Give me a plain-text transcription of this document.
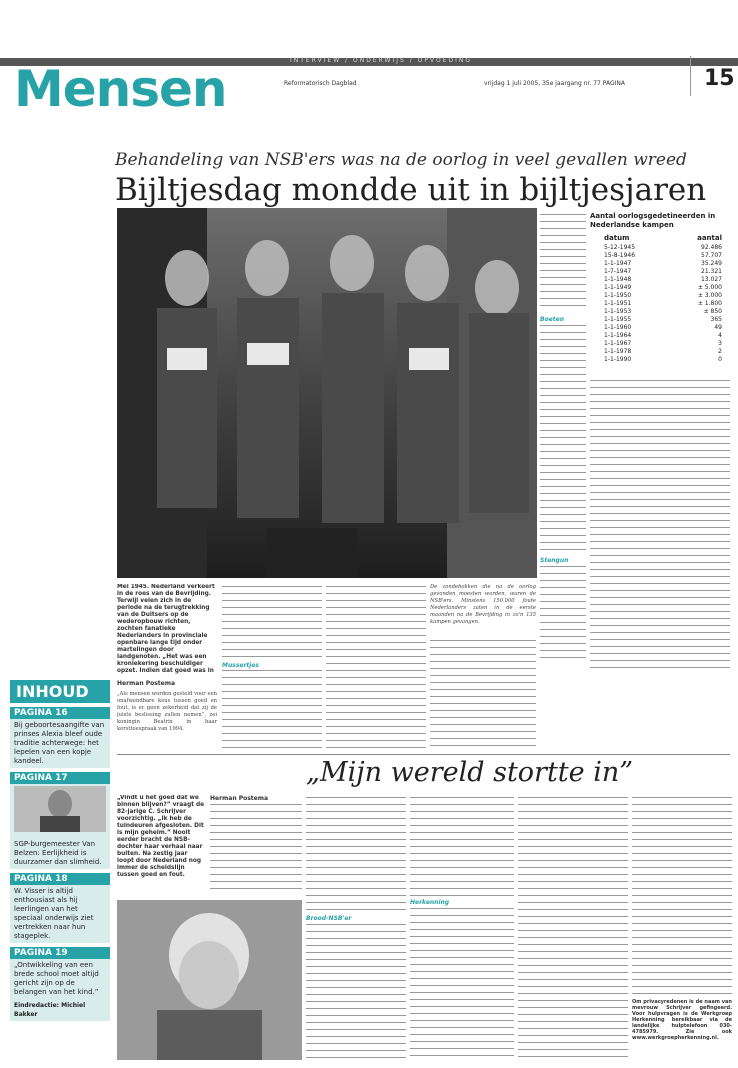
INTERVIEW / ONDERWIJS / OPVOEDING
Mensen	Reformatorisch Dagblad	vrijdag 1 juli 2005, 35e jaargang nr. 77 PAGINA	15
Behandeling van NSB'ers was na de oorlog in veel gevallen wreed
Bijltjesdag mondde uit in bijltjesjaren
Aantal oorlogsgedetineerden in Nederlandse kampen
datum	aantal
5-12-1945	92.486
15-8-1946	57.707
1-1-1947	35.249
1-7-1947	21.321
1-1-1948	13.027
1-1-1949	± 5.000
1-1-1950	± 3.000
1-1-1951	± 1.800
1-1-1953	± 850
1-1-1955	365
1-1-1960	49
1-1-1964	4
1-1-1967	3
1-1-1978	2
1-1-1990	0
Boeten
Stengun
Mei 1945. Nederland verkeert in de roes van de Bevrijding. Terwijl velen zich in de periode na de terugtrekking van de Duitsers op de wederopbouw richten, zochten fanatieke Nederlanders in provinciale openbare lange tijd onder martelingen door landgenoten. „Het was een kroniekering beschuldiger opzet. Indien dat goed was in
Herman Postema

„Als mensen worden gesteld voor een onafwendbare keus tussen goed en fout, is er geen zekerheid dat zij de juiste beslissing zullen nemen”, zei koningin Beatrix in haar kersttoespraak van 1994.

Mussertjes

De zondebokken die na de oorlog gevonden moesten worden, waren de NSB'ers. Minstens 150.000 foute Nederlanders zaten in de eerste maanden na de Bevrijding in zo'n 135 kampen gevangen.

INHOUD
PAGINA 16
Bij geboortesaangifte van prinses Alexia bleef oude traditie achterwege: het lepelen van een kopje kandeel.
PAGINA 17
SGP-burgemeester Van Belzen: Eerlijkheid is duurzamer dan slimheid.
PAGINA 18
W. Visser is altijd enthousiast als hij leerlingen van het speciaal onderwijs ziet vertrekken naar hun stageplek.
PAGINA 19
„Ontwikkeling van een brede school moet altijd gericht zijn op de belangen van het kind.”
Eindredactie: Michiel Bakker
„Mijn wereld stortte in”
„Vindt u het goed dat we binnen blijven?” vraagt de 82-jarige C. Schrijver voorzichtig. „Ik heb de tuindeuren afgesloten. Dit is mijn geheim.” Nooit eerder bracht de NSB-dochter haar verhaal naar buiten. Na zestig jaar loopt door Nederland nog immer de scheidslijn tussen goed en fout.
Herman Postema
Brood-NSB'er
Herkenning

Om privacyredenen is de naam van mevrouw Schrijver gefingeerd. Voor hulpvragen is de Werkgroep Herkenning bereikbaar via de landelijke hulptelefoon 030-4785979. Zie ook www.werkgroepherkenning.nl.
